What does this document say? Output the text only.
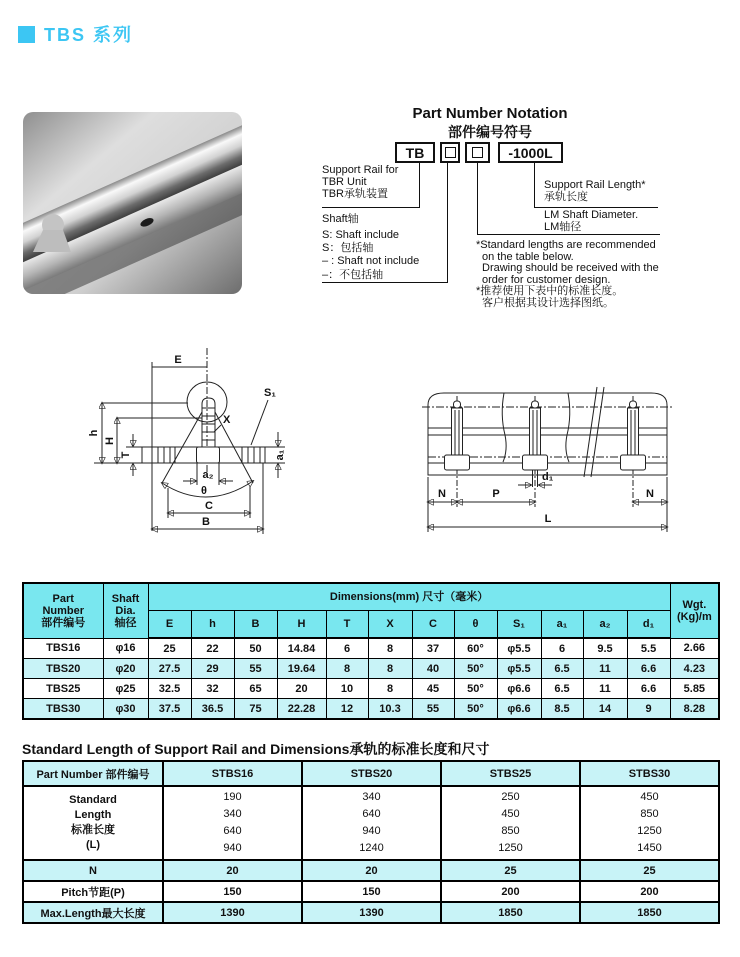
TBS 系列
Part Number Notation
部件编号符号
TB	-1000L
Support Rail for
TBR Unit
TBR承轨装置
Shaft轴
S: Shaft include
S：包括轴
– : Shaft not include
–：不包括轴
Support Rail Length*
承轨长度
LM Shaft Diameter.
LM轴径
*Standard lengths are recommended
on the table below.
Drawing should be received with the
order for customer design.
*推荐使用下表中的标准长度。
客户根据其设计选择图纸。
θ
E
h
H
T	a₁
S₁
X
a₂
C
B
d₁
N	P	N
L
Part
Number
部件编号

Shaft
Dia.
轴径
	Dimensions(mm) 尺寸（毫米）	
Wgt.
(Kg)/m

		E	h	B	H	T	X	C	θ	S₁	a₁	a₂	d₁	
TBS16	φ16	25	22	50	14.84	6	8	37	60°	φ5.5	6	9.5	5.5	2.66
TBS20	φ20	27.5	29	55	19.64	8	8	40	50°	φ5.5	6.5	11	6.6	4.23
TBS25	φ25	32.5	32	65	20	10	8	45	50°	φ6.6	6.5	11	6.6	5.85
TBS30	φ30	37.5	36.5	75	22.28	12	10.3	55	50°	φ6.6	8.5	14	9	8.28
Standard Length of Support Rail and Dimensions承轨的标准长度和尺寸
Part Number 部件编号	STBS16	STBS20	STBS25	STBS30

Standard
Length
标准长度
(L)

190
340
640
940

340
640
940
1240

250
450
850
1250

450
850
1250
1450

N	20	20	25	25
Pitch节距(P)	150	150	200	200
Max.Length最大长度	1390	1390	1850	1850
